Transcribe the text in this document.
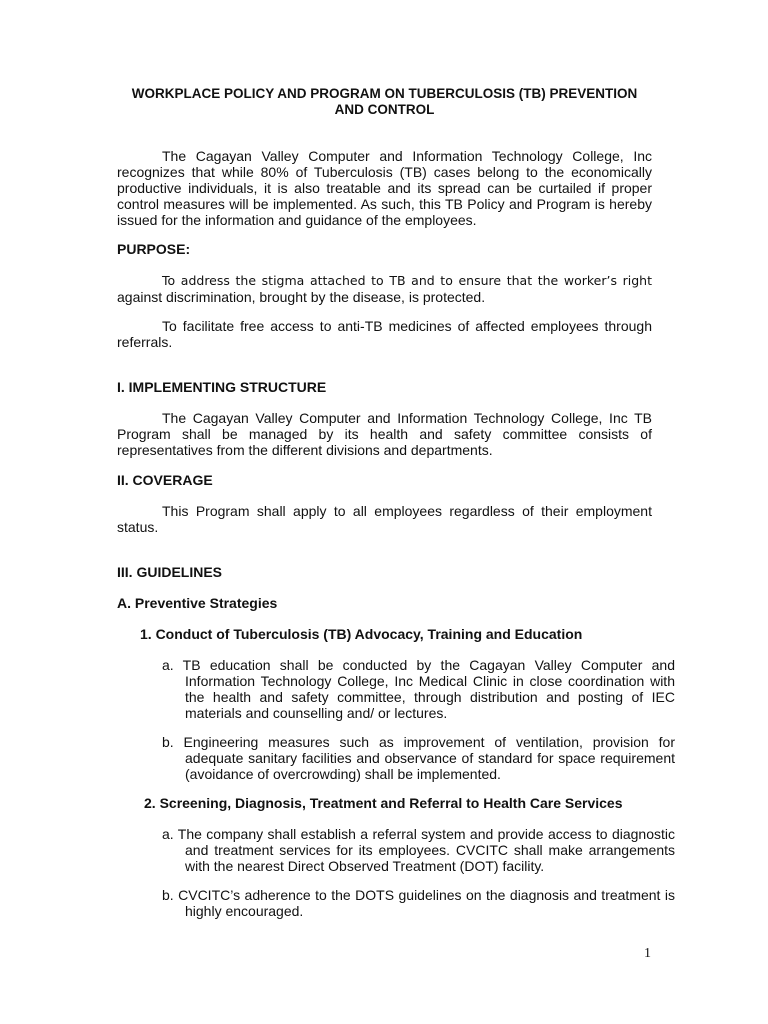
WORKPLACE POLICY AND PROGRAM ON TUBERCULOSIS (TB) PREVENTION AND CONTROL

The Cagayan Valley Computer and Information Technology College, Inc recognizes that while 80% of Tuberculosis (TB) cases belong to the economically productive individuals, it is also treatable and its spread can be curtailed if proper control measures will be implemented. As such, this TB Policy and Program is hereby issued for the information and guidance of the employees.

PURPOSE:

To address the stigma attached to TB and to ensure that the worker’s right against discrimination, brought by the disease, is protected.

To facilitate free access to anti-TB medicines of affected employees through referrals.

I. IMPLEMENTING STRUCTURE

The Cagayan Valley Computer and Information Technology College, Inc TB Program shall be managed by its health and safety committee consists of representatives from the different divisions and departments.

II. COVERAGE

This Program shall apply to all employees regardless of their employment status.

III. GUIDELINES

A. Preventive Strategies

1. Conduct of Tuberculosis (TB) Advocacy, Training and Education

a. TB education shall be conducted by the Cagayan Valley Computer and Information Technology College, Inc Medical Clinic in close coordination with the health and safety committee, through distribution and posting of IEC materials and counselling and/ or lectures.

b. Engineering measures such as improvement of ventilation, provision for adequate sanitary facilities and observance of standard for space requirement (avoidance of overcrowding) shall be implemented.

2. Screening, Diagnosis, Treatment and Referral to Health Care Services

a. The company shall establish a referral system and provide access to diagnostic and treatment services for its employees. CVCITC shall make arrangements with the nearest Direct Observed Treatment (DOT) facility.

b. CVCITC’s adherence to the DOTS guidelines on the diagnosis and treatment is highly encouraged.

1
